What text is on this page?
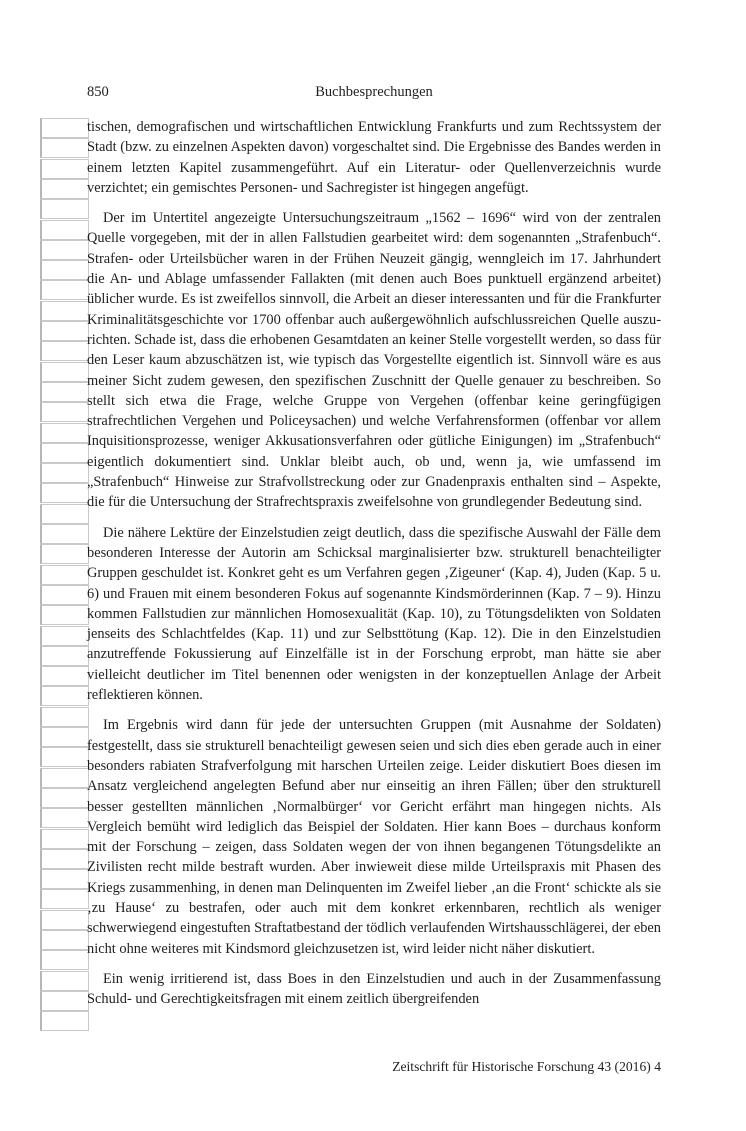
850	Buchbesprechungen

tischen, demografischen und wirtschaftlichen Entwicklung Frankfurts und zum Rechtssystem der Stadt (bzw. zu einzelnen Aspekten davon) vorgeschaltet sind. Die Ergebnisse des Bandes werden in einem letzten Kapitel zusammengeführt. Auf ein Literatur- oder Quellenverzeichnis wurde verzichtet; ein gemischtes Personen- und Sachregister ist hingegen angefügt.

Der im Untertitel angezeigte Untersuchungszeitraum „1562 – 1696“ wird von der zentralen Quelle vorgegeben, mit der in allen Fallstudien gearbeitet wird: dem sogenannten „Strafenbuch“. Strafen- oder Urteilsbücher waren in der Frühen Neuzeit gängig, wenngleich im 17. Jahrhundert die An- und Ablage umfassender Fallakten (mit denen auch Boes punktuell ergänzend arbeitet) üblicher wurde. Es ist zweifellos sinnvoll, die Arbeit an dieser interessanten und für die Frankfurter Kriminalitätsgeschichte vor 1700 offenbar auch außergewöhnlich aufschlussreichen Quelle auszurichten. Schade ist, dass die erhobenen Gesamtdaten an keiner Stelle vorgestellt werden, so dass für den Leser kaum abzuschätzen ist, wie typisch das Vorgestellte eigentlich ist. Sinnvoll wäre es aus meiner Sicht zudem gewesen, den spezifischen Zuschnitt der Quelle genauer zu beschreiben. So stellt sich etwa die Frage, welche Gruppe von Vergehen (offenbar keine geringfügigen strafrechtlichen Vergehen und Policeysachen) und welche Verfahrensformen (offenbar vor allem Inquisitionsprozesse, weniger Akkusationsverfahren oder gütliche Einigungen) im „Strafenbuch“ eigentlich dokumentiert sind. Unklar bleibt auch, ob und, wenn ja, wie umfassend im „Strafenbuch“ Hinweise zur Strafvollstreckung oder zur Gnadenpraxis enthalten sind – Aspekte, die für die Untersuchung der Strafrechtspraxis zweifelsohne von grundlegender Bedeutung sind.

Die nähere Lektüre der Einzelstudien zeigt deutlich, dass die spezifische Auswahl der Fälle dem besonderen Interesse der Autorin am Schicksal marginalisierter bzw. strukturell benachteiligter Gruppen geschuldet ist. Konkret geht es um Verfahren gegen ‚Zigeuner‘ (Kap. 4), Juden (Kap. 5 u. 6) und Frauen mit einem besonderen Fokus auf sogenannte Kindsmörderinnen (Kap. 7 – 9). Hinzu kommen Fallstudien zur männlichen Homosexualität (Kap. 10), zu Tötungsdelikten von Soldaten jenseits des Schlachtfeldes (Kap. 11) und zur Selbsttötung (Kap. 12). Die in den Einzelstudien anzutreffende Fokussierung auf Einzelfälle ist in der Forschung erprobt, man hätte sie aber vielleicht deutlicher im Titel benennen oder wenigsten in der konzeptuellen Anlage der Arbeit reflektieren können.

Im Ergebnis wird dann für jede der untersuchten Gruppen (mit Ausnahme der Soldaten) festgestellt, dass sie strukturell benachteiligt gewesen seien und sich dies eben gerade auch in einer besonders rabiaten Strafverfolgung mit harschen Urteilen zeige. Leider diskutiert Boes diesen im Ansatz vergleichend angelegten Befund aber nur einseitig an ihren Fällen; über den strukturell besser gestellten männlichen ‚Normalbürger‘ vor Gericht erfährt man hingegen nichts. Als Vergleich bemüht wird lediglich das Beispiel der Soldaten. Hier kann Boes – durchaus konform mit der Forschung – zeigen, dass Soldaten wegen der von ihnen begangenen Tötungsdelikte an Zivilisten recht milde bestraft wurden. Aber inwieweit diese milde Urteilspraxis mit Phasen des Kriegs zusammenhing, in denen man Delinquenten im Zweifel lieber ‚an die Front‘ schickte als sie ‚zu Hause‘ zu bestrafen, oder auch mit dem konkret erkennbaren, rechtlich als weniger schwerwiegend eingestuften Straftatbestand der tödlich verlaufenden Wirtshausschlägerei, der eben nicht ohne weiteres mit Kindsmord gleichzusetzen ist, wird leider nicht näher diskutiert.

Ein wenig irritierend ist, dass Boes in den Einzelstudien und auch in der Zusammenfassung Schuld- und Gerechtigkeitsfragen mit einem zeitlich übergreifenden

Zeitschrift für Historische Forschung 43 (2016) 4
